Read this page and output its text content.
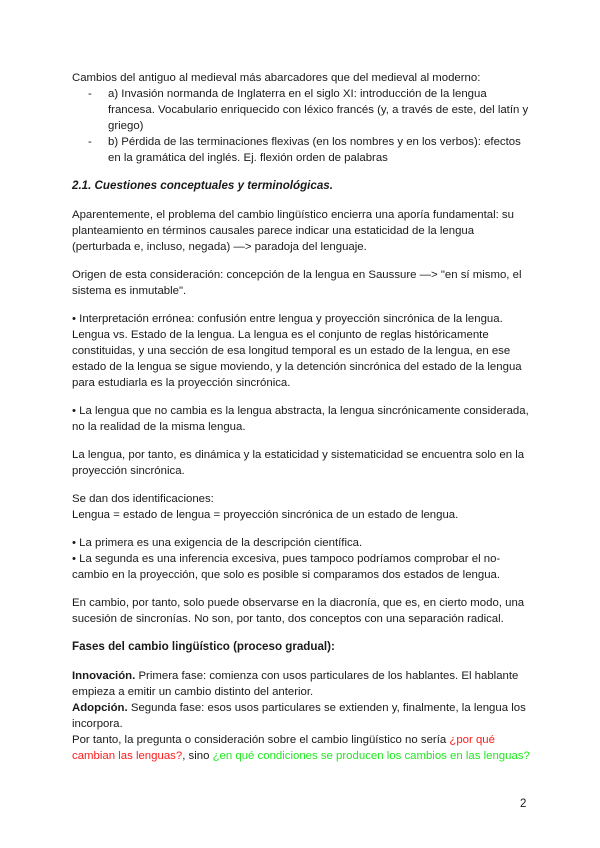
Cambios del antiguo al medieval más abarcadores que del medieval al moderno:

- a) Invasión normanda de Inglaterra en el siglo XI: introducción de la lengua francesa. Vocabulario enriquecido con léxico francés (y, a través de este, del latín y griego)
- b) Pérdida de las terminaciones flexivas (en los nombres y en los verbos): efectos en la gramática del inglés. Ej. flexión orden de palabras
2.1. Cuestiones conceptuales y terminológicas.

Aparentemente, el problema del cambio lingüístico encierra una aporía fundamental: su planteamiento en términos causales parece indicar una estaticidad de la lengua (perturbada e, incluso, negada) —> paradoja del lenguaje.

Origen de esta consideración: concepción de la lengua en Saussure —> "en sí mismo, el sistema es inmutable".

• Interpretación errónea: confusión entre lengua y proyección sincrónica de la lengua. Lengua vs. Estado de la lengua. La lengua es el conjunto de reglas históricamente constituidas, y una sección de esa longitud temporal es un estado de la lengua, en ese estado de la lengua se sigue moviendo, y la detención sincrónica del estado de la lengua para estudiarla es la proyección sincrónica.

• La lengua que no cambia es la lengua abstracta, la lengua sincrónicamente considerada, no la realidad de la misma lengua.

La lengua, por tanto, es dinámica y la estaticidad y sistematicidad se encuentra solo en la proyección sincrónica.

Se dan dos identificaciones:

Lengua = estado de lengua = proyección sincrónica de un estado de lengua.

• La primera es una exigencia de la descripción científica.

• La segunda es una inferencia excesiva, pues tampoco podríamos comprobar el no-cambio en la proyección, que solo es posible si comparamos dos estados de lengua.

En cambio, por tanto, solo puede observarse en la diacronía, que es, en cierto modo, una sucesión de sincronías. No son, por tanto, dos conceptos con una separación radical.

Fases del cambio lingüístico (proceso gradual):

Innovación. Primera fase: comienza con usos particulares de los hablantes. El hablante empieza a emitir un cambio distinto del anterior.

Adopción. Segunda fase: esos usos particulares se extienden y, finalmente, la lengua los incorpora.

Por tanto, la pregunta o consideración sobre el cambio lingüístico no sería ¿por qué cambian las lenguas?, sino ¿en qué condiciones se producen los cambios en las lenguas?

2
